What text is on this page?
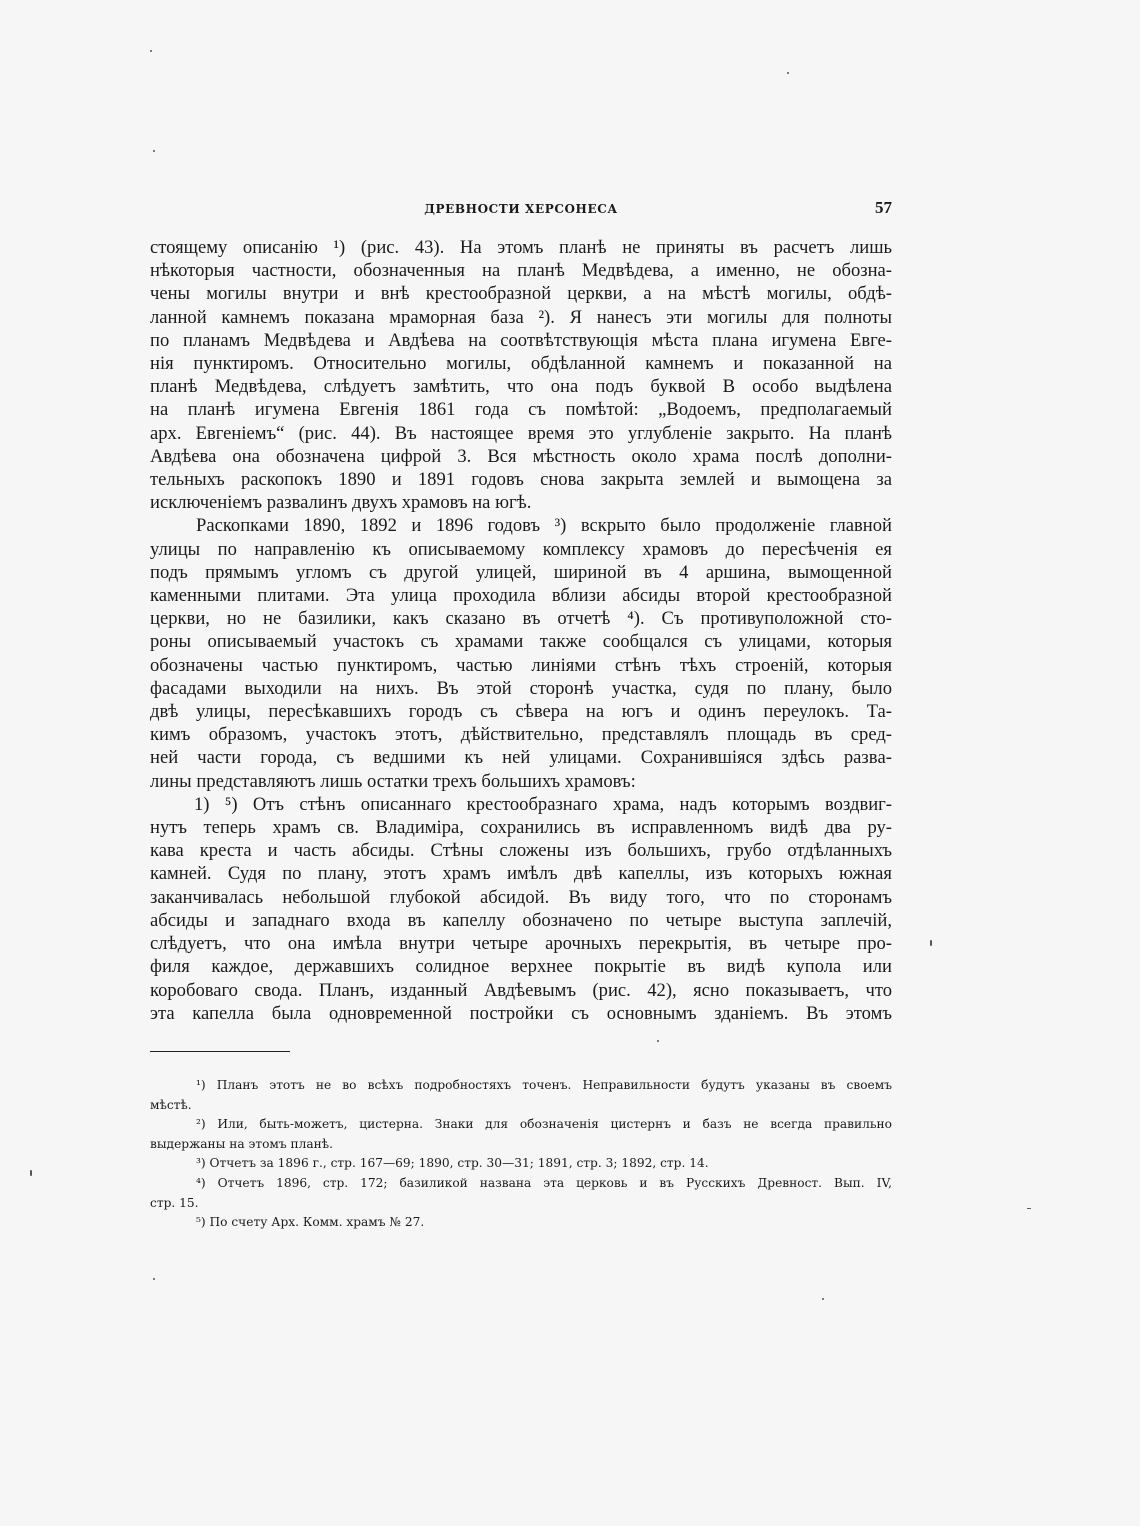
ДРЕВНОСТИ ХЕРСОНЕСА	57

стоящему описанію ¹) (рис. 43). На этомъ планѣ не приняты въ расчетъ лишь

нѣкоторыя частности, обозначенныя на планѣ Медвѣдева, а именно, не обозна-

чены могилы внутри и внѣ крестообразной церкви, а на мѣстѣ могилы, обдѣ-

ланной камнемъ показана мраморная база ²). Я нанесъ эти могилы для полноты

по планамъ Медвѣдева и Авдѣева на соотвѣтствующія мѣста плана игумена Евге-

нія пунктиромъ. Относительно могилы, обдѣланной камнемъ и показанной на

планѣ Медвѣдева, слѣдуетъ замѣтить, что она подъ буквой В особо выдѣлена

на планѣ игумена Евгенія 1861 года съ помѣтой: „Водоемъ, предполагаемый

арх. Евгеніемъ“ (рис. 44). Въ настоящее время это углубленіе закрыто. На планѣ

Авдѣева она обозначена цифрой 3. Вся мѣстность около храма послѣ дополни-

тельныхъ раскопокъ 1890 и 1891 годовъ снова закрыта землей и вымощена за

исключеніемъ развалинъ двухъ храмовъ на югѣ.

Раскопками 1890, 1892 и 1896 годовъ ³) вскрыто было продолженіе главной

улицы по направленію къ описываемому комплексу храмовъ до пересѣченія ея

подъ прямымъ угломъ съ другой улицей, шириной въ 4 аршина, вымощенной

каменными плитами. Эта улица проходила вблизи абсиды второй крестообразной

церкви, но не базилики, какъ сказано въ отчетѣ ⁴). Съ противуположной сто-

роны описываемый участокъ съ храмами также сообщался съ улицами, которыя

обозначены частью пунктиромъ, частью линіями стѣнъ тѣхъ строеній, которыя

фасадами выходили на нихъ. Въ этой сторонѣ участка, судя по плану, было

двѣ улицы, пересѣкавшихъ городъ съ сѣвера на югъ и одинъ переулокъ. Та-

кимъ образомъ, участокъ этотъ, дѣйствительно, представлялъ площадь въ сред-

ней части города, съ ведшими къ ней улицами. Сохранившіяся здѣсь развa-

лины представляютъ лишь остатки трехъ большихъ храмовъ:

1) ⁵) Отъ стѣнъ описаннаго крестообразнаго храма, надъ которымъ воздвиг-

нутъ теперь храмъ св. Владиміра, сохранились въ исправленномъ видѣ два ру-

кава креста и часть абсиды. Стѣны сложены изъ большихъ, грубо отдѣланныхъ

камней. Судя по плану, этотъ храмъ имѣлъ двѣ капеллы, изъ которыхъ южная

заканчивалась небольшой глубокой абсидой. Въ виду того, что по сторонамъ

абсиды и западнаго входа въ капеллу обозначено по четыре выступа заплечій,

слѣдуетъ, что она имѣла внутри четыре арочныхъ перекрытія, въ четыре про-

филя каждое, державшихъ солидное верхнее покрытіе въ видѣ купола или

коробоваго свода. Планъ, изданный Авдѣевымъ (рис. 42), ясно показываетъ, что

эта капелла была одновременной постройки съ основнымъ зданіемъ. Въ этомъ

¹) Планъ этотъ не во всѣхъ подробностяхъ точенъ. Неправильности будутъ указаны въ своемъ

мѣстѣ.

²) Или, быть-можетъ, цистерна. Знаки для обозначенія цистернъ и базъ не всегда правильно

выдержаны на этомъ планѣ.

³) Отчетъ за 1896 г., стр. 167—69; 1890, стр. 30—31; 1891, стр. 3; 1892, стр. 14.

⁴) Отчетъ 1896, стр. 172; базиликой названа эта церковь и въ Русскихъ Древност. Вып. IV,

стр. 15.

⁵) По счету Арх. Комм. храмъ № 27.
